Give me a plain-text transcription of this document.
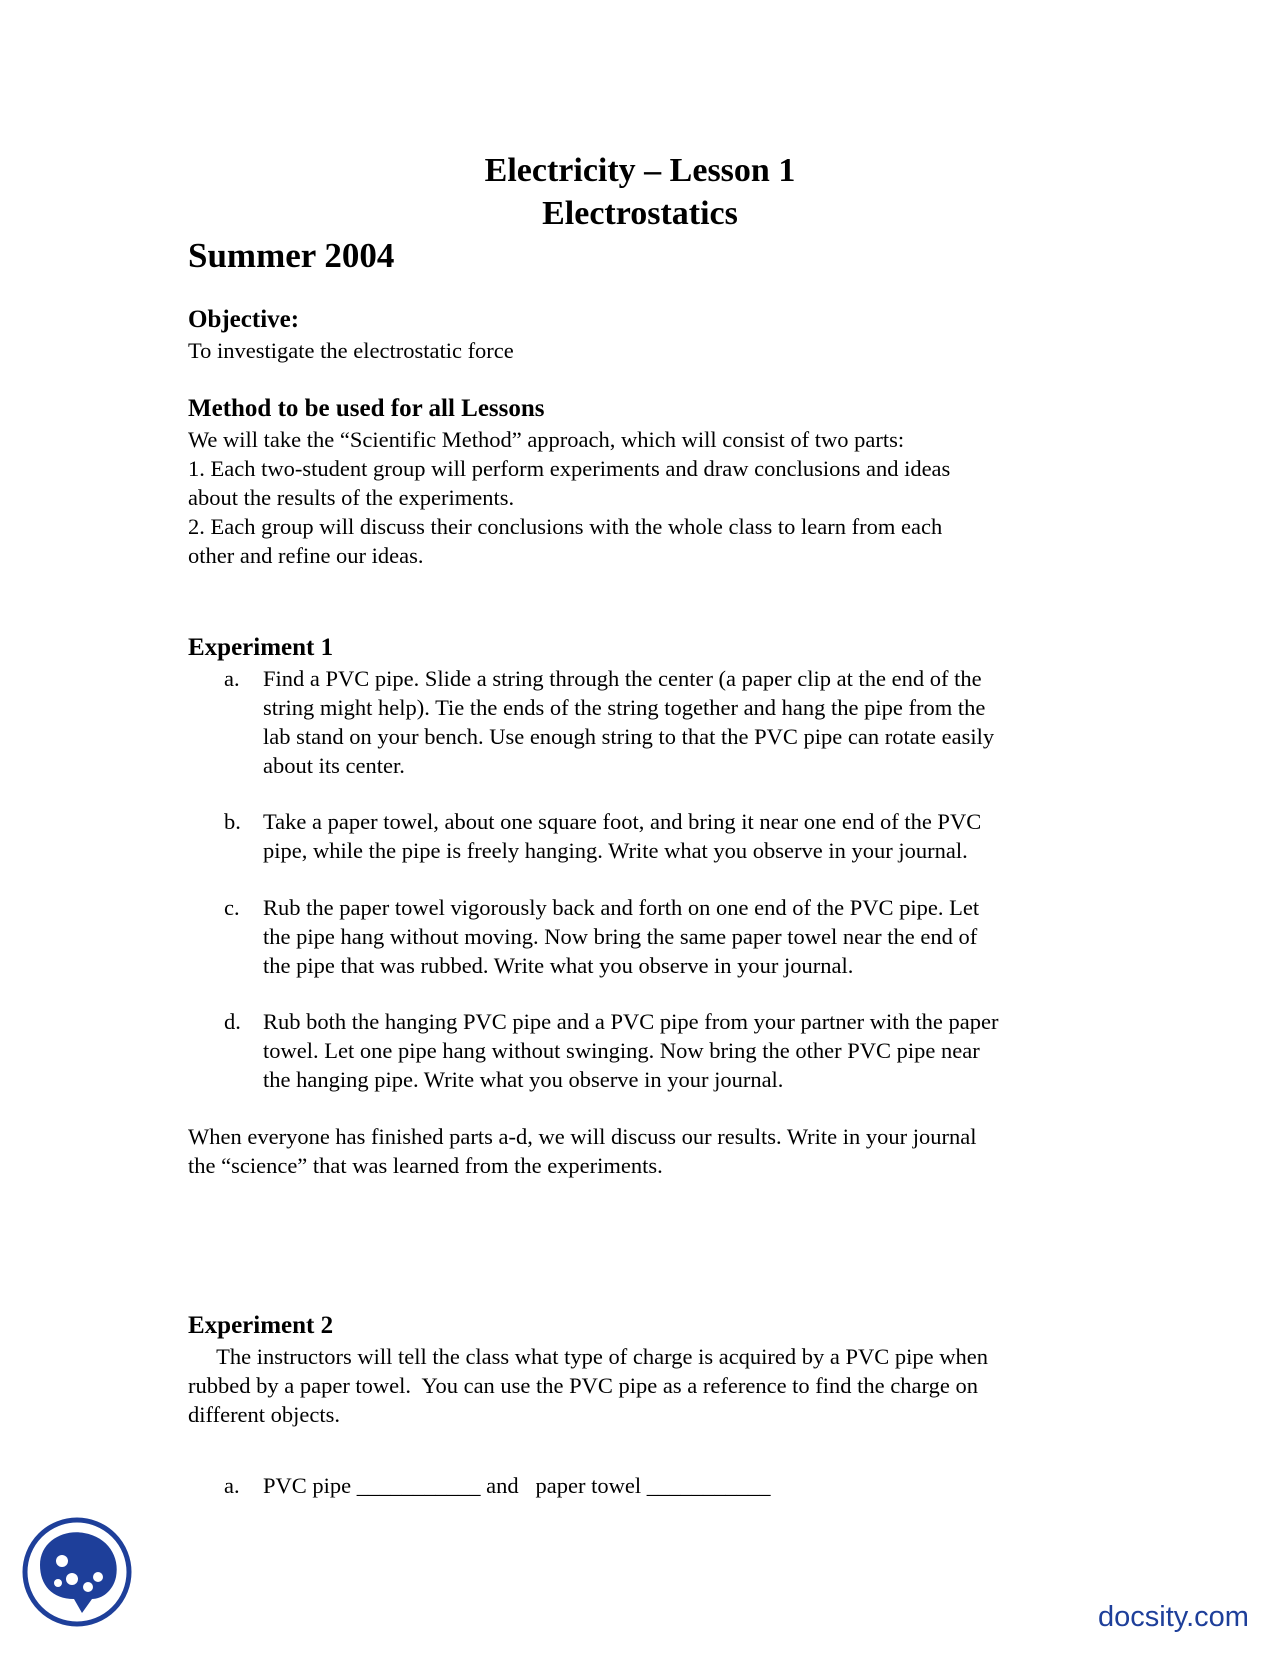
Electricity – Lesson 1
Electrostatics
Summer 2004
Objective:
To investigate the electrostatic force
Method to be used for all Lessons
We will take the “Scientific Method” approach, which will consist of two parts:
1. Each two-student group will perform experiments and draw conclusions and ideas
about the results of the experiments.
2. Each group will discuss their conclusions with the whole class to learn from each
other and refine our ideas.
Experiment 1
a. Find a PVC pipe. Slide a string through the center (a paper clip at the end of the
string might help). Tie the ends of the string together and hang the pipe from the
lab stand on your bench. Use enough string to that the PVC pipe can rotate easily
about its center.
b. Take a paper towel, about one square foot, and bring it near one end of the PVC
pipe, while the pipe is freely hanging. Write what you observe in your journal.
c. Rub the paper towel vigorously back and forth on one end of the PVC pipe. Let
the pipe hang without moving. Now bring the same paper towel near the end of
the pipe that was rubbed. Write what you observe in your journal.
d. Rub both the hanging PVC pipe and a PVC pipe from your partner with the paper
towel. Let one pipe hang without swinging. Now bring the other PVC pipe near
the hanging pipe. Write what you observe in your journal.
When everyone has finished parts a-d, we will discuss our results. Write in your journal
the “science” that was learned from the experiments.
Experiment 2
The instructors will tell the class what type of charge is acquired by a PVC pipe when
rubbed by a paper towel.  You can use the PVC pipe as a reference to find the charge on
different objects.
a. PVC pipe ___________ and   paper towel ___________
docsity.com
